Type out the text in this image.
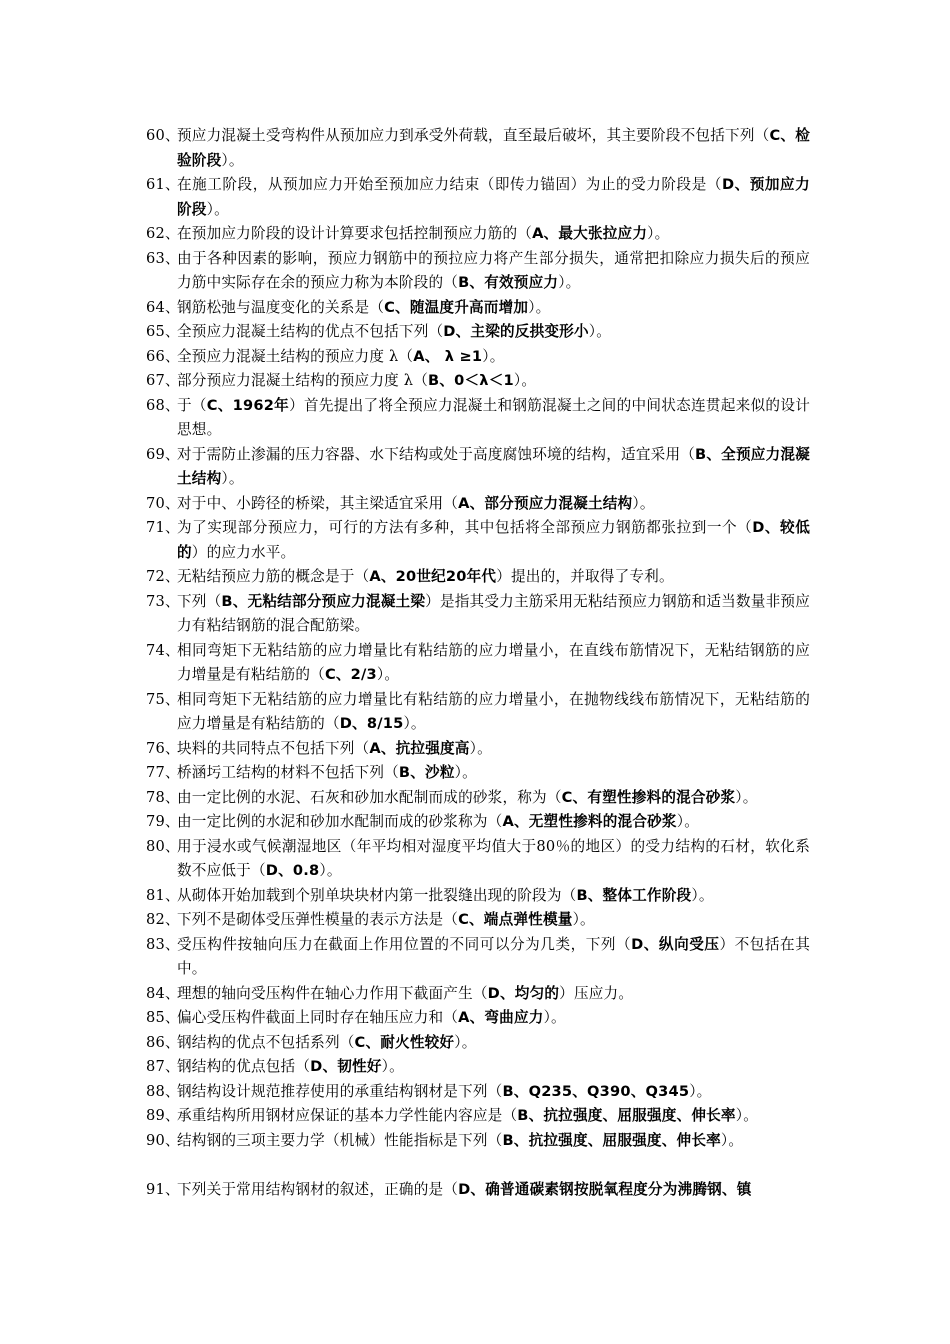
60、
预应力混凝土受弯构件从预加应力到承受外荷载，直至最后破坏，其主要阶段不包括下列（C、检验阶段）。
61、
在施工阶段，从预加应力开始至预加应力结束（即传力锚固）为止的受力阶段是（D、预加应力阶段）。
62、
在预加应力阶段的设计计算要求包括控制预应力筋的（A、最大张拉应力）。
63、
由于各种因素的影响，预应力钢筋中的预拉应力将产生部分损失，通常把扣除应力损失后的预应力筋中实际存在余的预应力称为本阶段的（B、有效预应力）。
64、
钢筋松弛与温度变化的关系是（C、随温度升高而增加）。
65、
全预应力混凝土结构的优点不包括下列（D、主梁的反拱变形小）。
66、
全预应力混凝土结构的预应力度 λ（A、 λ ≥1）。
67、
部分预应力混凝土结构的预应力度 λ（B、0＜λ＜1）。
68、
于（C、1962年）首先提出了将全预应力混凝土和钢筋混凝土之间的中间状态连贯起来似的设计思想。
69、
对于需防止渗漏的压力容器、水下结构或处于高度腐蚀环境的结构，适宜采用（B、全预应力混凝土结构）。
70、
对于中、小跨径的桥梁，其主梁适宜采用（A、部分预应力混凝土结构）。
71、
为了实现部分预应力，可行的方法有多种，其中包括将全部预应力钢筋都张拉到一个（D、较低的）的应力水平。
72、
无粘结预应力筋的概念是于（A、20世纪20年代）提出的，并取得了专利。
73、
下列（B、无粘结部分预应力混凝土梁）是指其受力主筋采用无粘结预应力钢筋和适当数量非预应力有粘结钢筋的混合配筋梁。
74、
相同弯矩下无粘结筋的应力增量比有粘结筋的应力增量小，在直线布筋情况下，无粘结钢筋的应力增量是有粘结筋的（C、2/3）。
75、
相同弯矩下无粘结筋的应力增量比有粘结筋的应力增量小，在抛物线线布筋情况下，无粘结筋的应力增量是有粘结筋的（D、8/15）。
76、
块料的共同特点不包括下列（A、抗拉强度高）。
77、
桥涵圬工结构的材料不包括下列（B、沙粒）。
78、
由一定比例的水泥、石灰和砂加水配制而成的砂浆，称为（C、有塑性掺料的混合砂浆）。
79、
由一定比例的水泥和砂加水配制而成的砂浆称为（A、无塑性掺料的混合砂浆）。
80、
用于浸水或气候潮湿地区（年平均相对湿度平均值大于80％的地区）的受力结构的石材，软化系数不应低于（D、0.8）。
81、
从砌体开始加载到个别单块块材内第一批裂缝出现的阶段为（B、整体工作阶段）。
82、
下列不是砌体受压弹性模量的表示方法是（C、端点弹性模量）。
83、
受压构件按轴向压力在截面上作用位置的不同可以分为几类，下列（D、纵向受压）不包括在其中。
84、
理想的轴向受压构件在轴心力作用下截面产生（D、均匀的）压应力。
85、
偏心受压构件截面上同时存在轴压应力和（A、弯曲应力）。
86、
钢结构的优点不包括系列（C、耐火性较好）。
87、
钢结构的优点包括（D、韧性好）。
88、
钢结构设计规范推荐使用的承重结构钢材是下列（B、Q235、Q390、Q345）。
89、
承重结构所用钢材应保证的基本力学性能内容应是（B、抗拉强度、屈服强度、伸长率）。
90、
结构钢的三项主要力学（机械）性能指标是下列（B、抗拉强度、屈服强度、伸长率）。
91、
下列关于常用结构钢材的叙述，正确的是（D、确普通碳素钢按脱氧程度分为沸腾钢、镇
